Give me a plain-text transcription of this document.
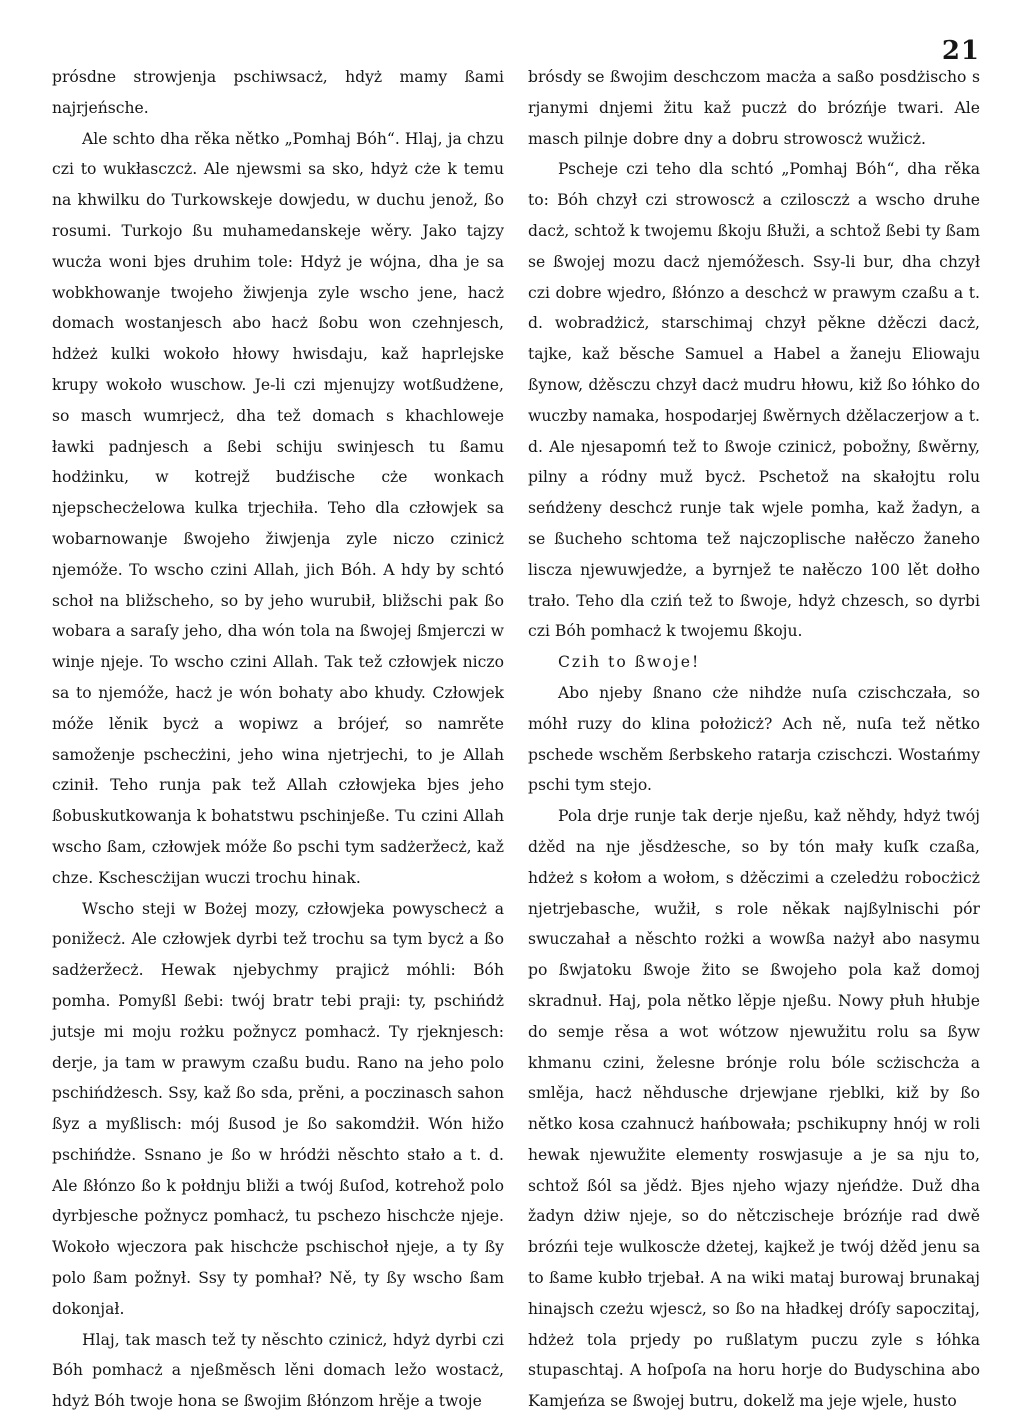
21

prósdne strowjenja pschiwsacż, hdyż mamy ßami najrjeńsche.

Ale schto dha rěka nětko „Pomhaj Bóh“. Hlaj, ja chzu czi to wukłasczcż. Ale njewsmi sa sko, hdyż cże k temu na khwilku do Turkowskeje dowjedu, w duchu jenož, ßo rosumi. Turkojo ßu muhamedanskeje wěry. Jako tajzy wucża woni bjes druhim tole: Hdyż je wójna, dha je sa wobkhowanje twojeho žiwjenja zyle wscho jene, hacż domach wostanjesch abo hacż ßobu won czehnjesch, hdżeż kulki wokoło hłowy hwisdaju, kaž haprlejske krupy wokoło wuschow. Je-li czi mjenujzy wotßudżene, so masch wumrjecż, dha tež domach s khachloweje ławki padnjesch a ßebi schiju swinjesch tu ßamu hodżinku, w kotrejž budźische cże wonkach njepschecżelowa kulka trjechiła. Teho dla człowjek sa wobarnowanje ßwojeho žiwjenja zyle niczo czinicż njemóže. To wscho czini Allah, jich Bóh. A hdy by schtó schoł na bližscheho, so by jeho wurubił, bližschi pak ßo wobara a saraſy jeho, dha wón tola na ßwojej ßmjerczi w winje njeje. To wscho czini Allah. Tak tež człowjek niczo sa to njemóže, hacż je wón bohaty abo khudy. Człowjek móže lěnik bycż a wopiwz a brójeŕ, so namrěte samoženje pschecżini, jeho wina njetrjechi, to je Allah czinił. Teho runja pak tež Allah człowjeka bjes jeho ßobuskutkowanja k bohatstwu pschinjeße. Tu czini Allah wscho ßam, człowjek móže ßo pschi tym sadżeržecż, kaž chze. Kschescżijan wuczi trochu hinak.

Wscho steji w Bożej mozy, człowjeka powyschecż a ponižecż. Ale człowjek dyrbi tež trochu sa tym bycż a ßo sadżeržecż. Hewak njebychmy prajicż móhli: Bóh pomha. Pomyßl ßebi: twój bratr tebi praji: ty, pschińdż jutsje mi moju rożku požnycz pomhacż. Ty rjeknjesch: derje, ja tam w prawym czaßu budu. Rano na jeho polo pschińdżesch. Ssy, kaž ßo sda, prěni, a poczinasch sahon ßyz a myßlisch: mój ßusod je ßo sakomdżił. Wón hižo pschińdże. Ssnano je ßo w hródżi něschto stało a t. d. Ale ßłónzo ßo k połdnju bliži a twój ßuſod, kotrehož polo dyrbjesche požnycz pomhacż, tu pschezo hischcże njeje. Wokoło wjeczora pak hischcże pschischoł njeje, a ty ßy polo ßam požnył. Ssy ty pomhał? Ně, ty ßy wscho ßam dokonjał.

Hlaj, tak masch tež ty něschto czinicż, hdyż dyrbi czi Bóh pomhacż a njeßměsch lěni domach ležo wostacż, hdyż Bóh twoje hona se ßwojim ßłónzom hrěje a twoje

brósdy se ßwojim deschczom macża a saßo posdżischo s rjanymi dnjemi žitu kaž puczż do brózńje twari. Ale masch pilnje dobre dny a dobru strowoscż wužicż.

Pscheje czi teho dla schtó „Pomhaj Bóh“, dha rěka to: Bóh chzył czi strowoscż a czilosczż a wscho druhe dacż, schtož k twojemu ßkoju ßłuži, a schtož ßebi ty ßam se ßwojej mozu dacż njemóžesch. Ssy-li bur, dha chzył czi dobre wjedro, ßłónzo a deschcż w prawym czaßu a t. d. wobradżicż, starschimaj chzył pěkne dżěczi dacż, tajke, kaž běsche Samuel a Habel a žaneju Eliowaju ßynow, dżěsczu chzył dacż mudru hłowu, kiž ßo łóhko do wuczby namaka, hospodarjej ßwěrnych dżělaczerjow a t. d. Ale njesapomń tež to ßwoje czinicż, pobožny, ßwěrny, pilny a ródny muž bycż. Pschetož na skałojtu rolu seńdżeny deschcż runje tak wjele pomha, kaž žadyn, a se ßucheho schtoma tež najczoplische nałěczo žaneho liscza njewuwjedże, a byrnjež te nałěczo 100 lět dołho trało. Teho dla cziń tež to ßwoje, hdyż chzesch, so dyrbi czi Bóh pomhacż k twojemu ßkoju.

Czih to ßwoje!

Abo njeby ßnano cże nihdże nuſa czischczała, so móhł ruzy do klina położicż? Ach ně, nuſa tež nětko pschede wschěm ßerbskeho ratarja czischczi. Wostańmy pschi tym stejo.

Pola drje runje tak derje njeßu, kaž něhdy, hdyż twój dżěd na nje jěsdżesche, so by tón mały kuſk czaßa, hdżeż s kołom a wołom, s dżěczimi a czeledżu robocżicż njetrjebasche, wužił, s role někak najßylnischi pór swuczahał a něschto rożki a wowßa nażył abo nasymu po ßwjatoku ßwoje žito se ßwojeho pola kaž domoj skradnuł. Haj, pola nětko lěpje njeßu. Nowy płuh hłubje do semje rěsa a wot wótzow njewužitu rolu sa ßyw khmanu czini, želesne brónje rolu bóle scżischcża a smlěja, hacż něhdusche drjewjane rjeblki, kiž by ßo nětko kosa czahnucż hańbowała; pschikupny hnój w roli hewak njewužite elementy roswjasuje a je sa nju to, schtož ßól sa jědż. Bjes njeho wjazy njeńdże. Duž dha žadyn dżiw njeje, so do nětczischeje brózńje rad dwě brózńi teje wulkoscże dżetej, kajkež je twój dżěd jenu sa to ßame kubło trjebał. A na wiki mataj burowaj brunakaj hinajsch czeżu wjescż, so ßo na hładkej dróſy sapoczitaj, hdżeż tola prjedy po rußlatym puczu zyle s łóhka stupaschtaj. A hoſpoſa na horu horje do Budyschina abo Kamjeńza se ßwojej butru, dokelž ma jeje wjele, husto
